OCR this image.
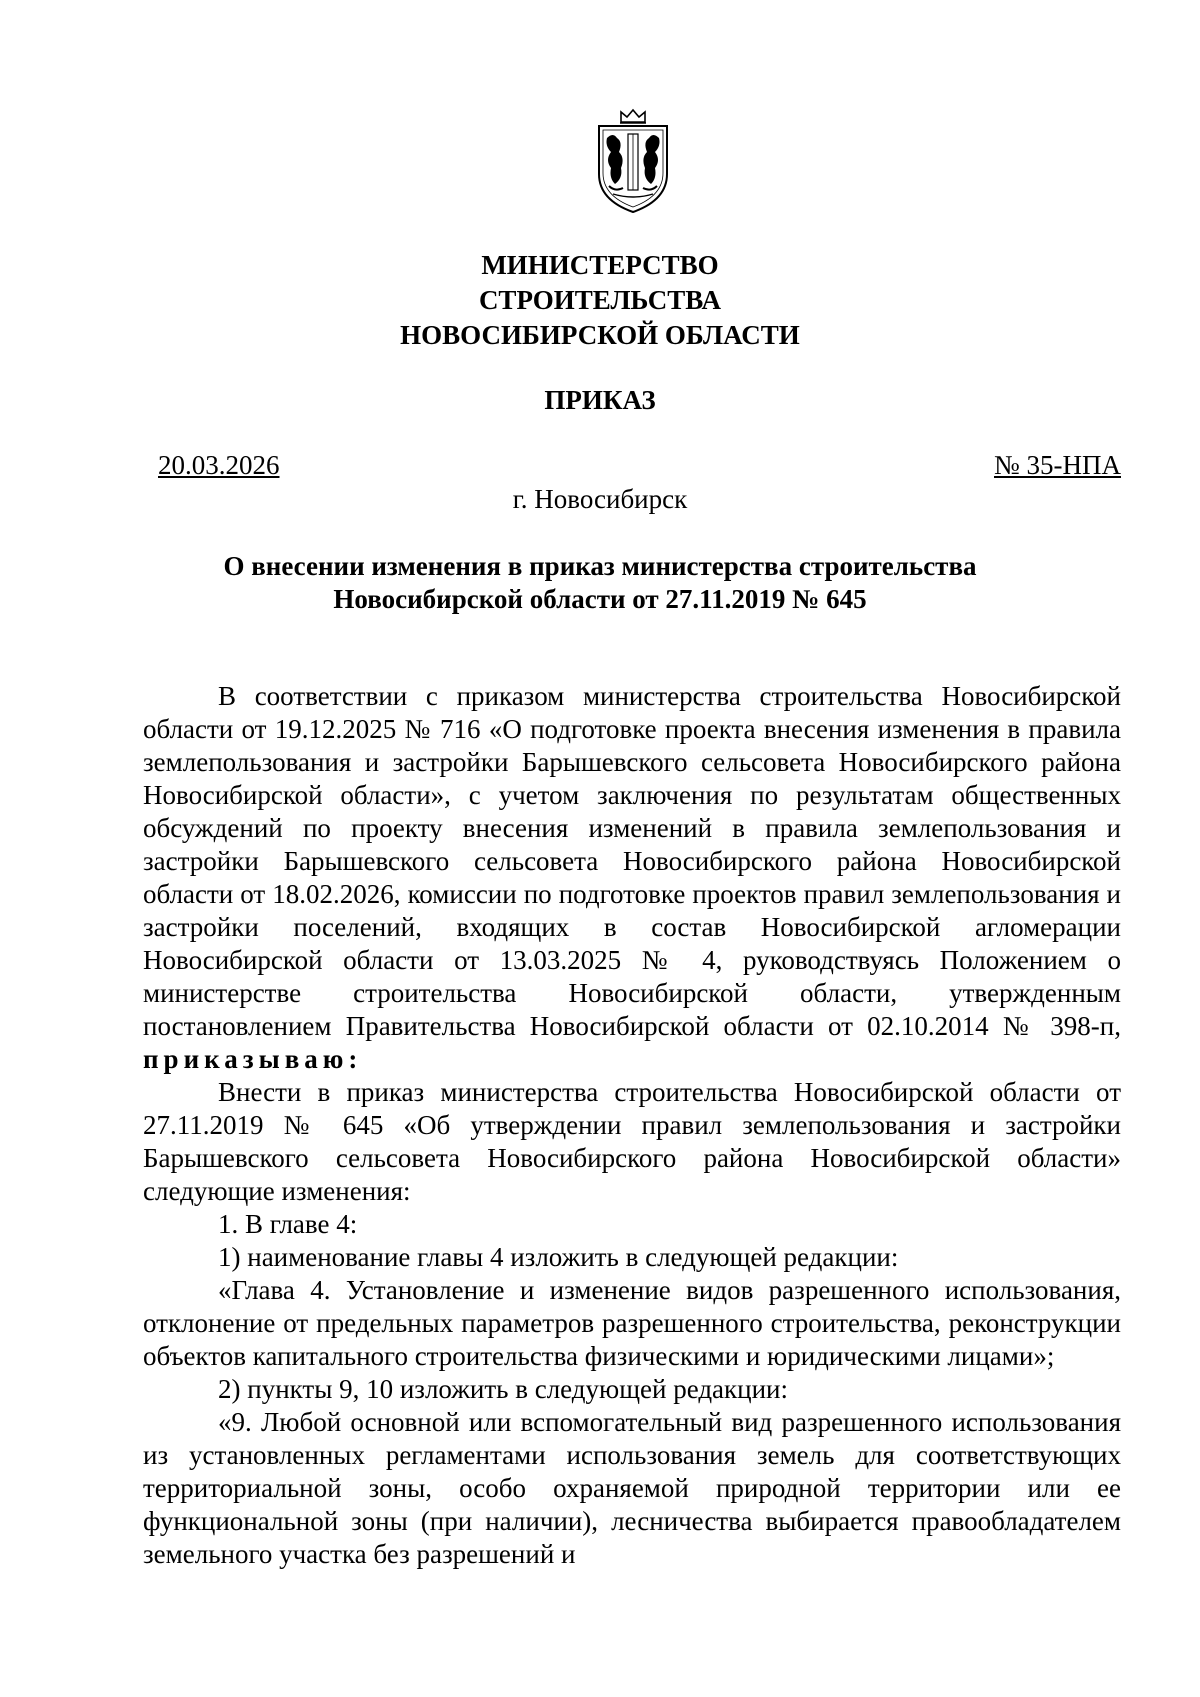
МИНИСТЕРСТВО
СТРОИТЕЛЬСТВА
НОВОСИБИРСКОЙ ОБЛАСТИ
ПРИКАЗ
20.03.2026	№ 35-НПА
г. Новосибирск
О внесении изменения в приказ министерства строительства Новосибирской области от 27.11.2019 № 645

В соответствии с приказом министерства строительства Новосибирской области от 19.12.2025 № 716 «О подготовке проекта внесения изменения в правила землепользования и застройки Барышевского сельсовета Новосибирского района Новосибирской области», с учетом заключения по результатам общественных обсуждений по проекту внесения изменений в правила землепользования и застройки Барышевского сельсовета Новосибирского района Новосибирской области от 18.02.2026, комиссии по подготовке проектов правил землепользования и застройки поселений, входящих в состав Новосибирской агломерации Новосибирской области от 13.03.2025 № 4, руководствуясь Положением о министерстве строительства Новосибирской области, утвержденным постановлением Правительства Новосибирской области от 02.10.2014 № 398-п, приказываю:

Внести в приказ министерства строительства Новосибирской области от 27.11.2019 № 645 «Об утверждении правил землепользования и застройки Барышевского сельсовета Новосибирского района Новосибирской области» следующие изменения:

1. В главе 4:

1) наименование главы 4 изложить в следующей редакции:

«Глава 4. Установление и изменение видов разрешенного использования, отклонение от предельных параметров разрешенного строительства, реконструкции объектов капитального строительства физическими и юридическими лицами»;

2) пункты 9, 10 изложить в следующей редакции:

«9. Любой основной или вспомогательный вид разрешенного использования из установленных регламентами использования земель для соответствующих территориальной зоны, особо охраняемой природной территории или ее функциональной зоны (при наличии), лесничества выбирается правообладателем земельного участка без разрешений и
